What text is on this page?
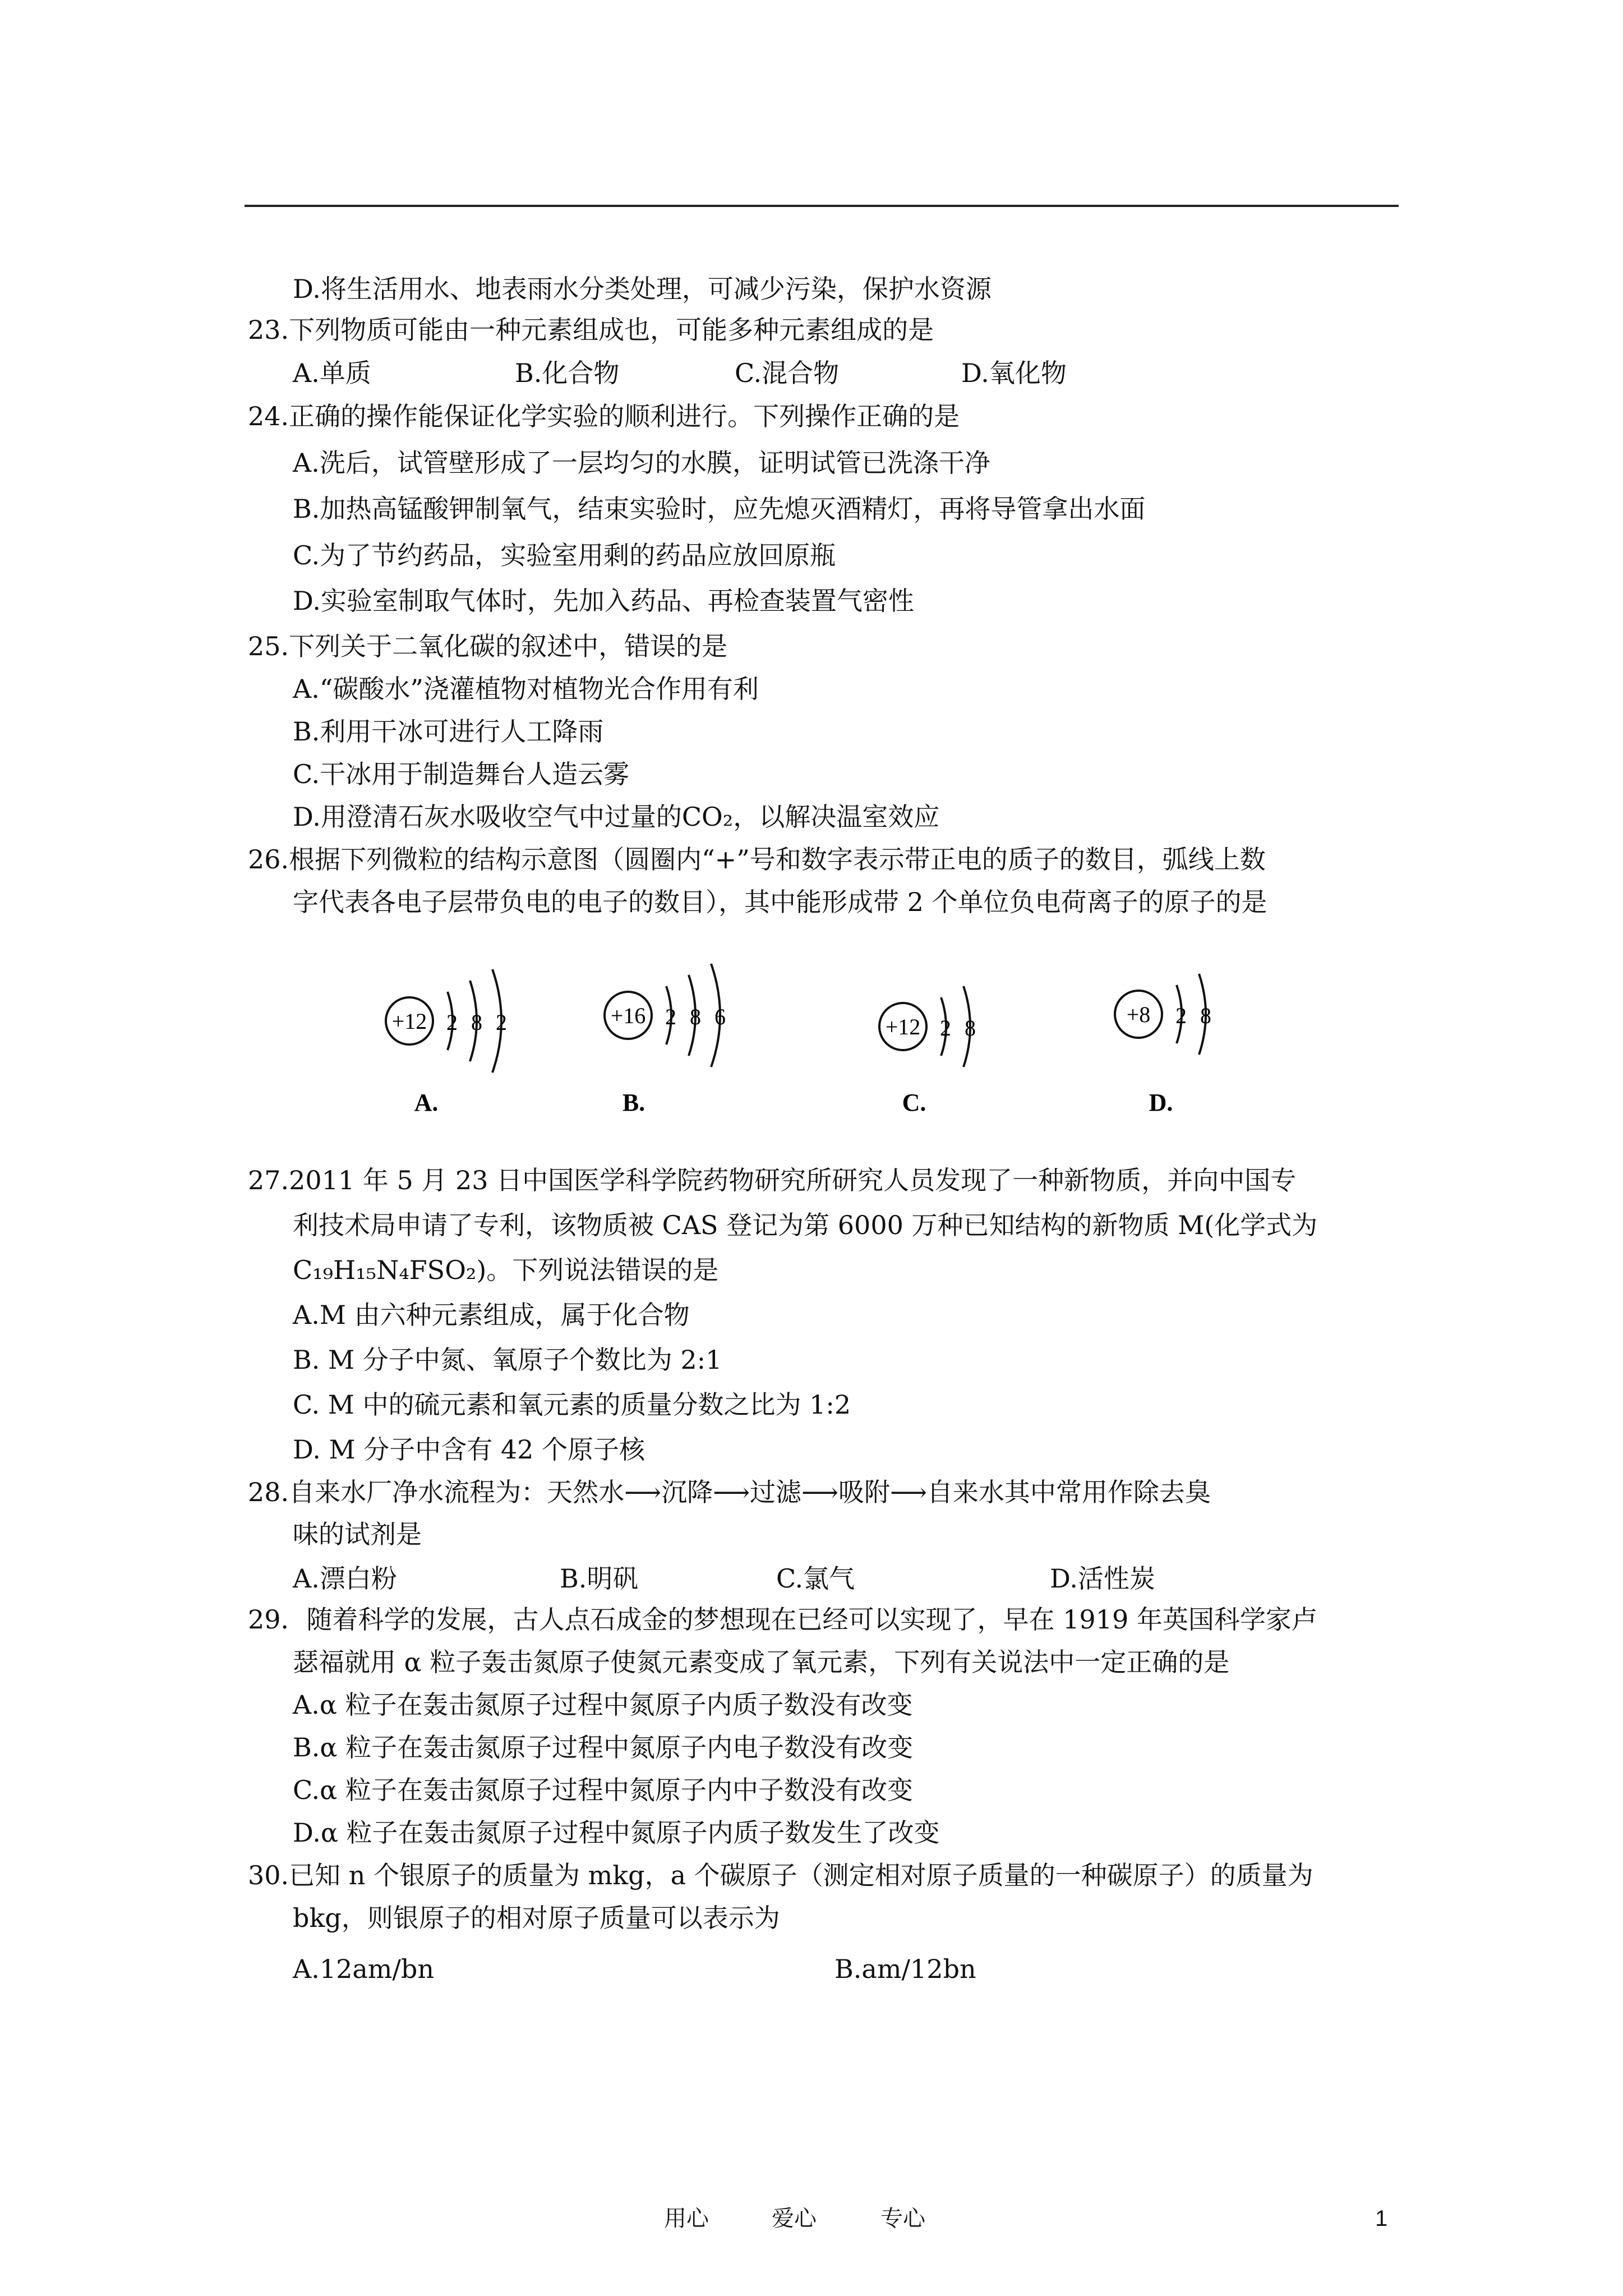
D.将生活用水、地表雨水分类处理，可减少污染，保护水资源
23.下列物质可能由一种元素组成也，可能多种元素组成的是
A.单质	B.化合物	C.混合物	D.氧化物
24.正确的操作能保证化学实验的顺利进行。下列操作正确的是
A.洗后，试管壁形成了一层均匀的水膜，证明试管已洗涤干净
B.加热高锰酸钾制氧气，结束实验时，应先熄灭酒精灯，再将导管拿出水面
C.为了节约药品，实验室用剩的药品应放回原瓶
D.实验室制取气体时，先加入药品、再检查装置气密性
25.下列关于二氧化碳的叙述中，错误的是
A.“碳酸水”浇灌植物对植物光合作用有利
B.利用干冰可进行人工降雨
C.干冰用于制造舞台人造云雾
D.用澄清石灰水吸收空气中过量的CO₂，以解决温室效应
26.根据下列微粒的结构示意图（圆圈内“+”号和数字表示带正电的质子的数目，弧线上数
字代表各电子层带负电的电子的数目），其中能形成带 2 个单位负电荷离子的原子的是
+12 2 8 2
A.
+16 2 8 6
B.
+12 2 8
C.
+8 2 8
D.
27.2011 年 5 月 23 日中国医学科学院药物研究所研究人员发现了一种新物质，并向中国专
利技术局申请了专利，该物质被 CAS 登记为第 6000 万种已知结构的新物质 M(化学式为
C₁₉H₁₅N₄FSO₂)。下列说法错误的是
A.M 由六种元素组成，属于化合物
B. M 分子中氮、氧原子个数比为 2:1
C. M 中的硫元素和氧元素的质量分数之比为 1:2
D. M 分子中含有 42 个原子核
28.自来水厂净水流程为：天然水⟶沉降⟶过滤⟶吸附⟶自来水其中常用作除去臭
味的试剂是
A.漂白粉	B.明矾	C.氯气	D.活性炭
29．随着科学的发展，古人点石成金的梦想现在已经可以实现了，早在 1919 年英国科学家卢
瑟福就用 α 粒子轰击氮原子使氮元素变成了氧元素，下列有关说法中一定正确的是
A.α 粒子在轰击氮原子过程中氮原子内质子数没有改变
B.α 粒子在轰击氮原子过程中氮原子内电子数没有改变
C.α 粒子在轰击氮原子过程中氮原子内中子数没有改变
D.α 粒子在轰击氮原子过程中氮原子内质子数发生了改变
30.已知 n 个银原子的质量为 mkg，a 个碳原子（测定相对原子质量的一种碳原子）的质量为
bkg，则银原子的相对原子质量可以表示为
A.12am/bn	B.am/12bn
用心	爱心	专心	1
